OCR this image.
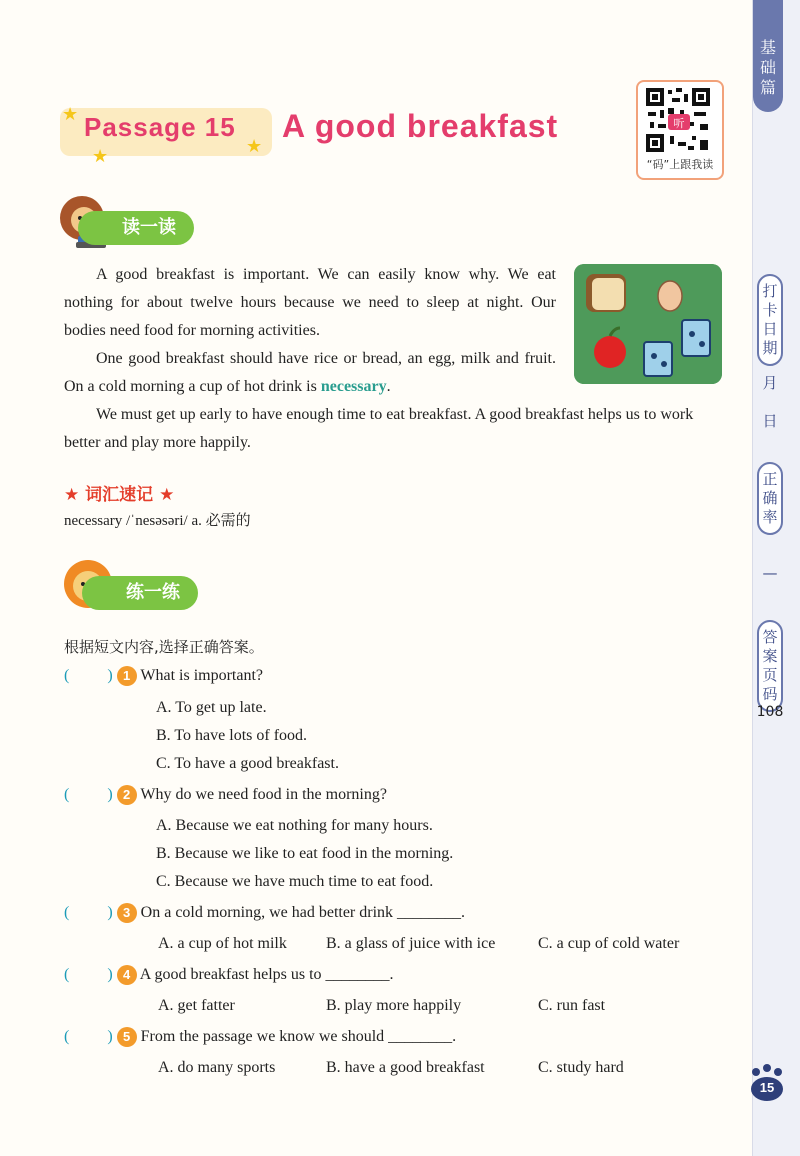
基础篇
打卡日期
月
日
正确率
—
答案页码
108
★
★	★
Passage 15 A good breakfast	听
“码”上跟我读
读一读
A good breakfast is important. We can easily know why. We eat nothing for about twelve hours because we need to sleep at night. Our bodies need food for morning activities.
One good breakfast should have rice or bread, an egg, milk and fruit. On a cold morning a cup of hot drink is necessary.
We must get up early to have enough time to eat breakfast. A good breakfast helps us to work better and play more happily.
★ 词汇速记 ★
necessary /ˈnesəsəri/ a. 必需的
练一练
根据短文内容,选择正确答案。
( ) 1 What is important?
A. To get up late.
B. To have lots of food.
C. To have a good breakfast.
( ) 2 Why do we need food in the morning?
A. Because we eat nothing for many hours.
B. Because we like to eat food in the morning.
C. Because we have much time to eat food.
( ) 3 On a cold morning, we had better drink ________.
A. a cup of hot milk B. a glass of juice with ice	C. a cup of cold water
( ) 4 A good breakfast helps us to ________.
A. get fatter	B. play more happily	C. run fast
( ) 5 From the passage we know we should ________.
A. do many sports	B. have a good breakfast	C. study hard
15
